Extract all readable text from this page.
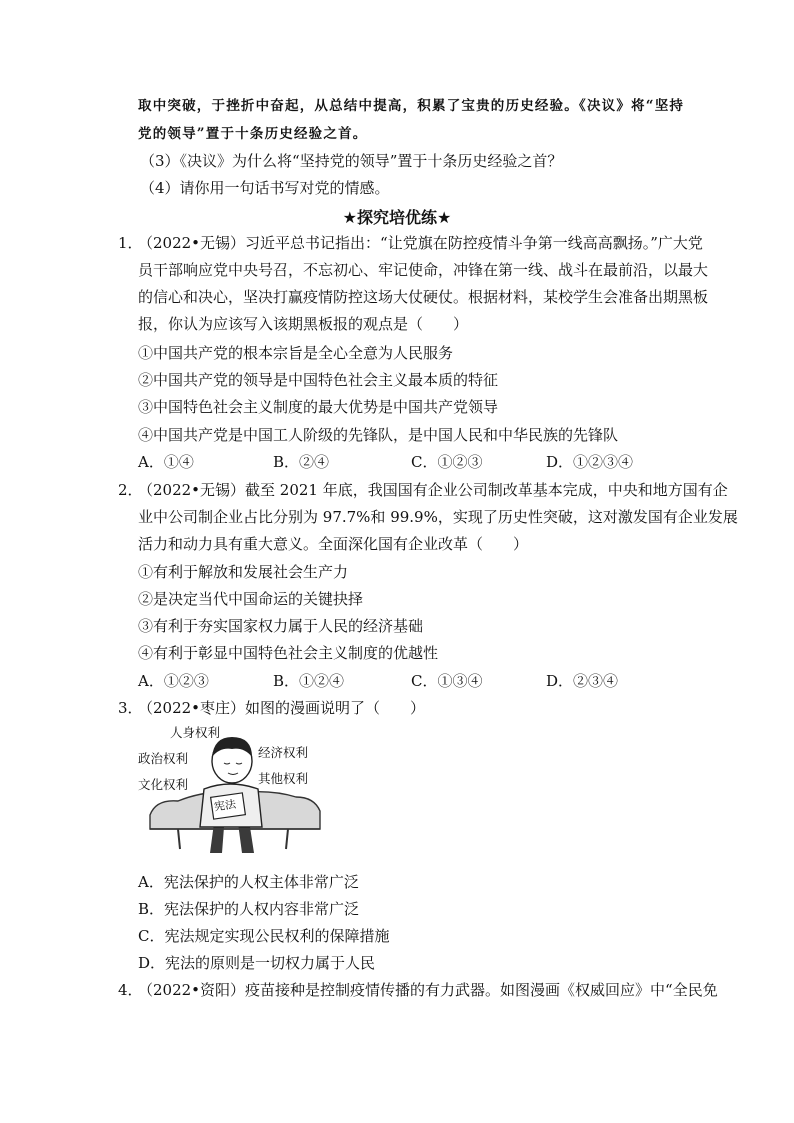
取中突破，于挫折中奋起，从总结中提高，积累了宝贵的历史经验。《决议》将“坚持
党的领导”置于十条历史经验之首。
（3）《决议》为什么将“坚持党的领导”置于十条历史经验之首？
（4）请你用一句话书写对党的情感。
★探究培优练★
1．
（2022•无锡）习近平总书记指出：“让党旗在防控疫情斗争第一线高高飘扬。”广大党
员干部响应党中央号召，不忘初心、牢记使命，冲锋在第一线、战斗在最前沿，以最大
的信心和决心，坚决打赢疫情防控这场大仗硬仗。根据材料，某校学生会准备出期黑板
报，你认为应该写入该期黑板报的观点是（　　）
①中国共产党的根本宗旨是全心全意为人民服务
②中国共产党的领导是中国特色社会主义最本质的特征
③中国特色社会主义制度的最大优势是中国共产党领导
④中国共产党是中国工人阶级的先锋队，是中国人民和中华民族的先锋队
A．①④	B．②④	C．①②③	D．①②③④
2．
（2022•无锡）截至 2021 年底，我国国有企业公司制改革基本完成，中央和地方国有企
业中公司制企业占比分别为 97.7%和 99.9%，实现了历史性突破，这对激发国有企业发展
活力和动力具有重大意义。全面深化国有企业改革（　　）
①有利于解放和发展社会生产力
②是决定当代中国命运的关键抉择
③有利于夯实国家权力属于人民的经济基础
④有利于彰显中国特色社会主义制度的优越性
A．①②③	B．①②④	C．①③④	D．②③④
3．
（2022•枣庄）如图的漫画说明了（　　）
人身权利
政治权利
文化权利
经济权利
其他权利
宪法
A．宪法保护的人权主体非常广泛
B．宪法保护的人权内容非常广泛
C．宪法规定实现公民权利的保障措施
D．宪法的原则是一切权力属于人民
4．
（2022•资阳）疫苗接种是控制疫情传播的有力武器。如图漫画《权威回应》中“全民免
